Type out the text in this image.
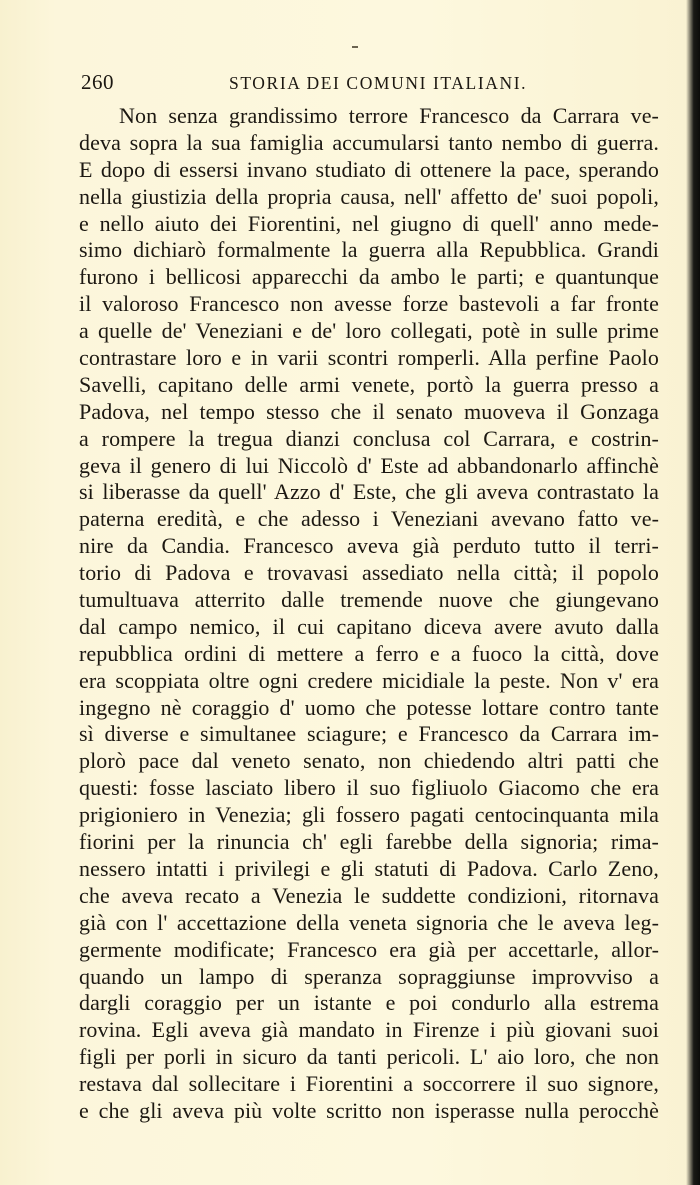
260	STORIA DEI COMUNI ITALIANI.
Non senza grandissimo terrore Francesco da Carrara ve-
deva sopra la sua famiglia accumularsi tanto nembo di guerra.
E dopo di essersi invano studiato di ottenere la pace, sperando
nella giustizia della propria causa, nell' affetto de' suoi popoli,
e nello aiuto dei Fiorentini, nel giugno di quell' anno mede-
simo dichiarò formalmente la guerra alla Repubblica. Grandi
furono i bellicosi apparecchi da ambo le parti; e quantunque
il valoroso Francesco non avesse forze bastevoli a far fronte
a quelle de' Veneziani e de' loro collegati, potè in sulle prime
contrastare loro e in varii scontri romperli. Alla perfine Paolo
Savelli, capitano delle armi venete, portò la guerra presso a
Padova, nel tempo stesso che il senato muoveva il Gonzaga
a rompere la tregua dianzi conclusa col Carrara, e costrin-
geva il genero di lui Niccolò d' Este ad abbandonarlo affinchè
si liberasse da quell' Azzo d' Este, che gli aveva contrastato la
paterna eredità, e che adesso i Veneziani avevano fatto ve-
nire da Candia. Francesco aveva già perduto tutto il terri-
torio di Padova e trovavasi assediato nella città; il popolo
tumultuava atterrito dalle tremende nuove che giungevano
dal campo nemico, il cui capitano diceva avere avuto dalla
repubblica ordini di mettere a ferro e a fuoco la città, dove
era scoppiata oltre ogni credere micidiale la peste. Non v' era
ingegno nè coraggio d' uomo che potesse lottare contro tante
sì diverse e simultanee sciagure; e Francesco da Carrara im-
plorò pace dal veneto senato, non chiedendo altri patti che
questi: fosse lasciato libero il suo figliuolo Giacomo che era
prigioniero in Venezia; gli fossero pagati centocinquanta mila
fiorini per la rinuncia ch' egli farebbe della signoria; rima-
nessero intatti i privilegi e gli statuti di Padova. Carlo Zeno,
che aveva recato a Venezia le suddette condizioni, ritornava
già con l' accettazione della veneta signoria che le aveva leg-
germente modificate; Francesco era già per accettarle, allor-
quando un lampo di speranza sopraggiunse improvviso a
dargli coraggio per un istante e poi condurlo alla estrema
rovina. Egli aveva già mandato in Firenze i più giovani suoi
figli per porli in sicuro da tanti pericoli. L' aio loro, che non
restava dal sollecitare i Fiorentini a soccorrere il suo signore,
e che gli aveva più volte scritto non isperasse nulla perocchè
